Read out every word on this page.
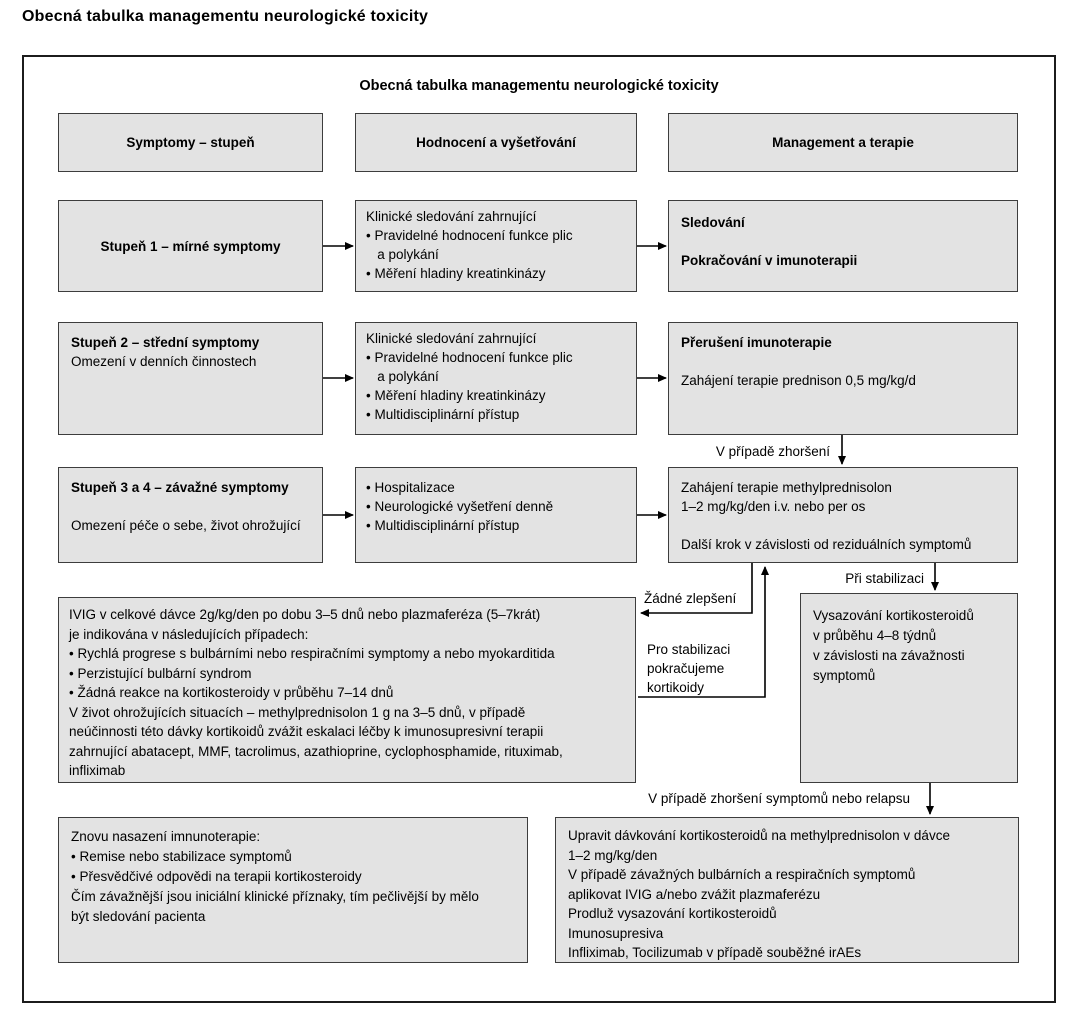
Obecná tabulka managementu neurologické toxicity
Obecná tabulka managementu neurologické toxicity
Symptomy – stupeň	Hodnocení a vyšetřování	Management a terapie
Stupeň 1 – mírné symptomy
Klinické sledování zahrnující
• Pravidelné hodnocení funkce plic
a polykání
• Měření hladiny kreatinkinázy
Sledování
Pokračování v imunoterapii
Stupeň 2 – střední symptomy
Omezení v denních činnostech
Klinické sledování zahrnující
• Pravidelné hodnocení funkce plic
a polykání
• Měření hladiny kreatinkinázy
• Multidisciplinární přístup
Přerušení imunoterapie
Zahájení terapie prednison 0,5 mg/kg/d
Stupeň 3 a 4 – závažné symptomy
Omezení péče o sebe, život ohrožující
• Hospitalizace
• Neurologické vyšetření denně
• Multidisciplinární přístup
Zahájení terapie methylprednisolon
1–2 mg/kg/den i.v. nebo per os
Další krok v závislosti od reziduálních symptomů
IVIG v celkové dávce 2g/kg/den po dobu 3–5 dnů nebo plazmaferéza (5–7krát)
je indikována v následujících případech:
• Rychlá progrese s bulbárními nebo respiračními symptomy a nebo myokarditida
• Perzistující bulbární syndrom
• Žádná reakce na kortikosteroidy v průběhu 7–14 dnů
V život ohrožujících situacích – methylprednisolon 1 g na 3–5 dnů, v případě
neúčinnosti této dávky kortikoidů zvážit eskalaci léčby k imunosupresivní terapii
zahrnující abatacept, MMF, tacrolimus, azathioprine, cyclophosphamide, rituximab,
infliximab
Vysazování kortikosteroidů
v průběhu 4–8 týdnů
v závislosti na závažnosti
symptomů
Znovu nasazení imnunoterapie:
• Remise nebo stabilizace symptomů
• Přesvědčivé odpovědi na terapii kortikosteroidy
Čím závažnější jsou iniciální klinické příznaky, tím pečlivější by mělo
být sledování pacienta
Upravit dávkování kortikosteroidů na methylprednisolon v dávce
1–2 mg/kg/den
V případě závažných bulbárních a respiračních symptomů
aplikovat IVIG a/nebo zvážit plazmaferézu
Prodluž vysazování kortikosteroidů
Imunosupresiva
Infliximab, Tocilizumab v případě souběžné irAEs
V případě zhoršení
Žádné zlepšení
Pro stabilizaci
pokračujeme
kortikoidy
Při stabilizaci
V případě zhoršení symptomů nebo relapsu
